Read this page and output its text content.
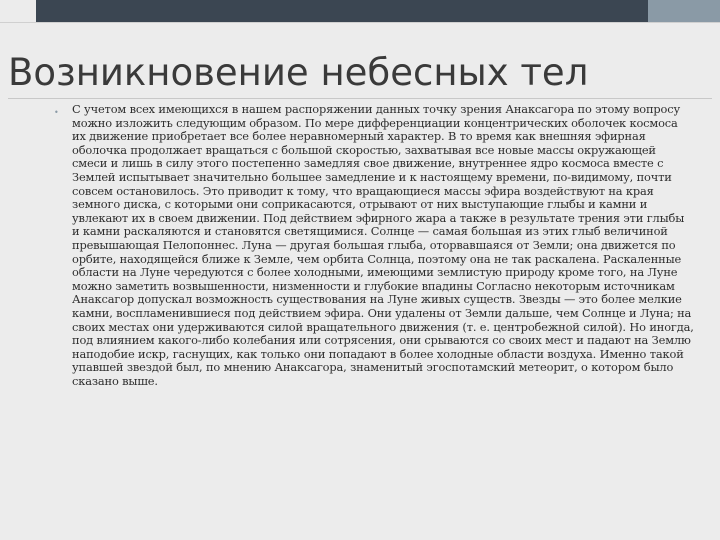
Возникновение небесных тел
• С учетом всех имеющихся в нашем распоряжении данных точку зрения Анаксагора по этому вопросу можно изложить следующим образом. По мере дифференциации концентрических оболочек космоса их движение приобретает все более неравномерный характер. В то время как внешняя эфирная оболочка продолжает вращаться с большой скоростью, захватывая все новые массы окружающей смеси и лишь в силу этого постепенно замедляя свое движение, внутреннее ядро космоса вместе с Землей испытывает значительно большее замедление и к настоящему времени, по-видимому, почти совсем остановилось. Это приводит к тому, что вращающиеся массы эфира воздействуют на края земного диска, с которыми они соприкасаются, отрывают от них выступающие глыбы и камни и увлекают их в своем движении. Под действием эфирного жара а также в результате трения эти глыбы и камни раскаляются и становятся светящимися. Солнце — самая большая из этих глыб величиной превышающая Пелопоннес. Луна — другая большая глыба, оторвавшаяся от Земли; она движется по орбите, находящейся ближе к Земле, чем орбита Солнца, поэтому она не так раскалена. Раскаленные области на Луне чередуются с более холодными, имеющими землистую природу кроме того, на Луне можно заметить возвышенности, низменности и глубокие впадины Согласно некоторым источникам Анаксагор допускал возможность существования на Луне живых существ. Звезды — это более мелкие камни, воспламенившиеся под действием эфира. Они удалены от Земли дальше, чем Солнце и Луна; на своих местах они удерживаются силой вращательного движения (т. е. центробежной силой). Но иногда, под влиянием какого-либо колебания или сотрясения, они срываются со своих мест и падают на Землю наподобие искр, гаснущих, как только они попадают в более холодные области воздуха. Именно такой упавшей звездой был, по мнению Анаксагора, знаменитый эгоспотамский метеорит, о котором было сказано выше.
